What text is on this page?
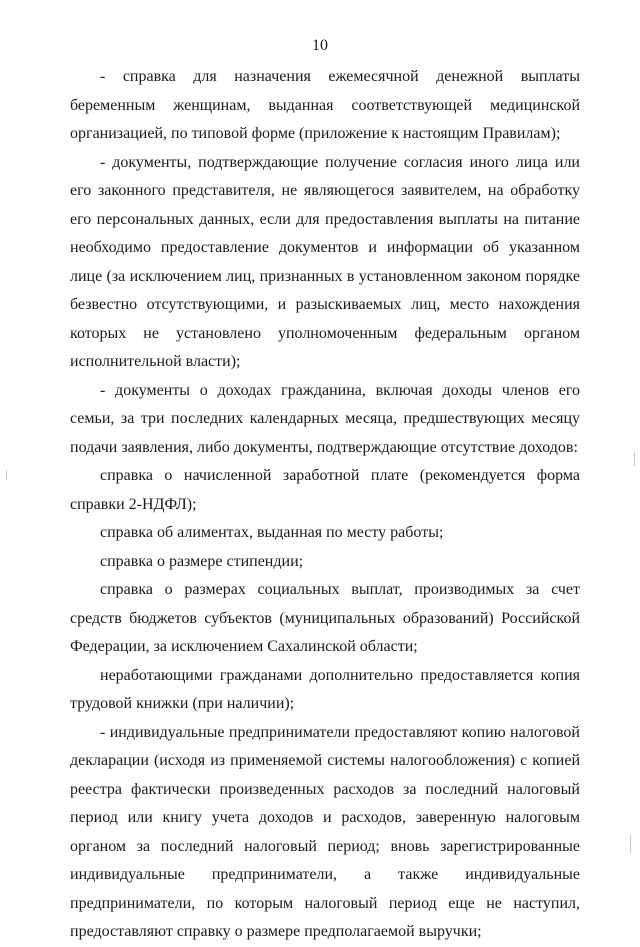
10

- справка для назначения ежемесячной денежной выплаты беременным женщинам, выданная соответствующей медицинской организацией, по типовой форме (приложение к настоящим Правилам);

- документы, подтверждающие получение согласия иного лица или его законного представителя, не являющегося заявителем, на обработку его персональных данных, если для предоставления выплаты на питание необходимо предоставление документов и информации об указанном лице (за исключением лиц, признанных в установленном законом порядке безвестно отсутствующими, и разыскиваемых лиц, место нахождения которых не установлено уполномоченным федеральным органом исполнительной власти);

- документы о доходах гражданина, включая доходы членов его семьи, за три последних календарных месяца, предшествующих месяцу подачи заявления, либо документы, подтверждающие отсутствие доходов:

справка о начисленной заработной плате (рекомендуется форма справки 2-НДФЛ);

справка об алиментах, выданная по месту работы;

справка о размере стипендии;

справка о размерах социальных выплат, производимых за счет средств бюджетов субъектов (муниципальных образований) Российской Федерации, за исключением Сахалинской области;

неработающими гражданами дополнительно предоставляется копия трудовой книжки (при наличии);

- индивидуальные предприниматели предоставляют копию налоговой декларации (исходя из применяемой системы налогообложения) с копией реестра фактически произведенных расходов за последний налоговый период или книгу учета доходов и расходов, заверенную налоговым органом за последний налоговый период; вновь зарегистрированные индивидуальные предприниматели, а также индивидуальные предприниматели, по которым налоговый период еще не наступил, предоставляют справку о размере предполагаемой выручки;
